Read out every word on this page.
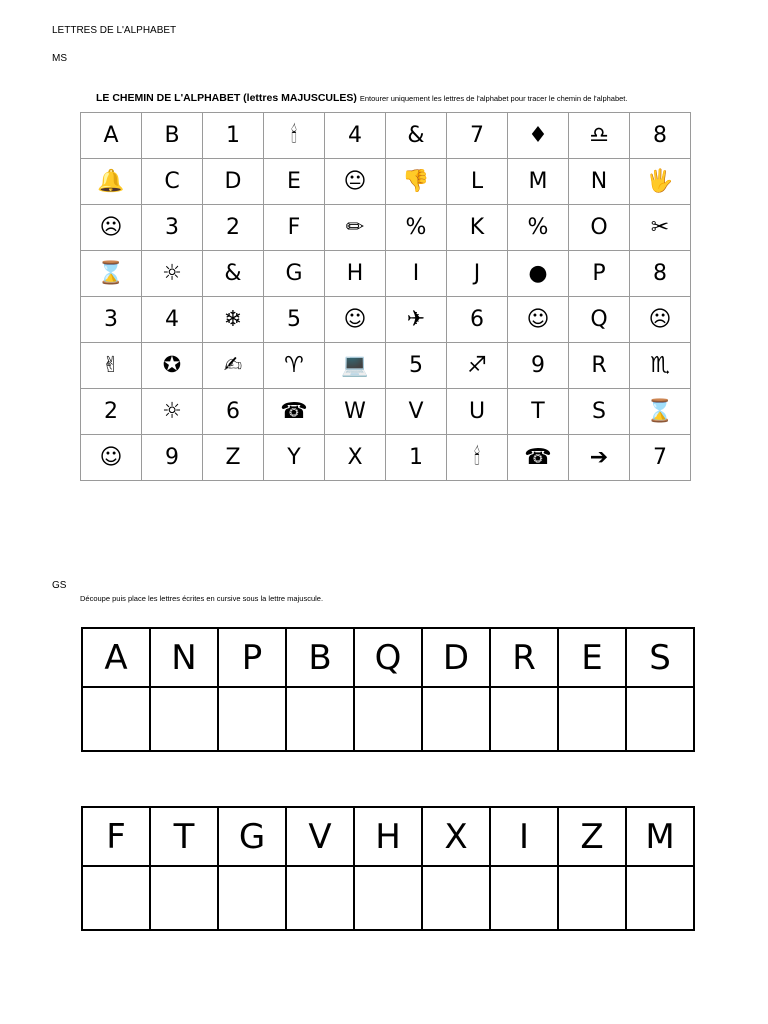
LETTRES DE L'ALPHABET
MS
LE CHEMIN DE L'ALPHABET (lettres MAJUSCULES) Entourer uniquement les lettres de l'alphabet pour tracer le chemin de l'alphabet.
A	B	1	🕯	4	&	7	♦	♎	8
🔔	C	D	E	😐	👎	L	M	N	🖐
☹	3	2	F	✏	%	K	%	O	✂
⌛	☼	&	G	H	I	J	●	P	8
3	4	❄	5	☺	✈	6	☺	Q	☹
✌	✪	✍	♈	💻	5	♐	9	R	♏
2	☼	6	☎	W	V	U	T	S	⌛
☺	9	Z	Y	X	1	🕯	☎	➔	7
GS
Découpe puis place les lettres écrites en cursive sous la lettre majuscule.
A	N	P	B	Q	D	R	E	S

F	T	G	V	H	X	I	Z	M
